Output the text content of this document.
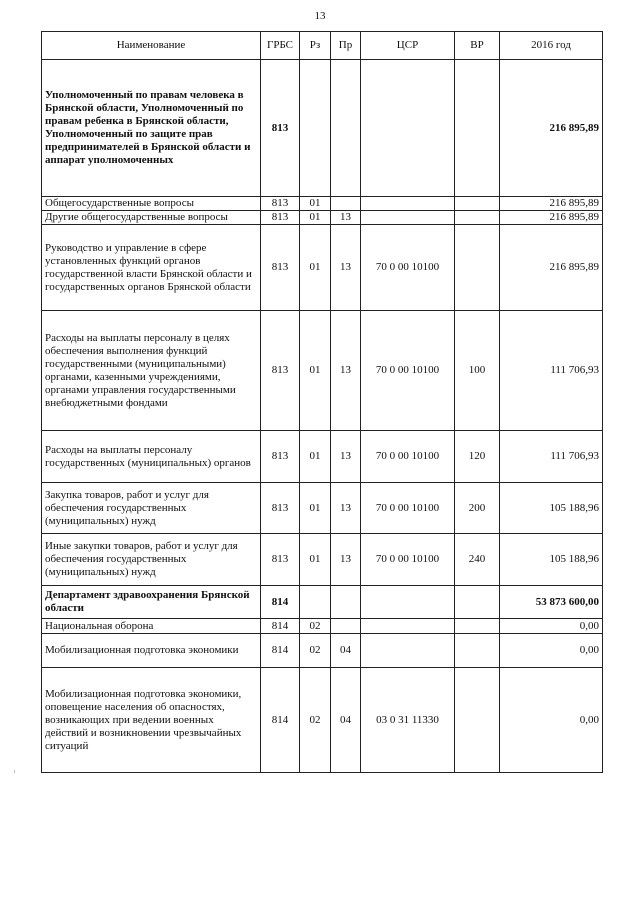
13
Наименование	ГРБС	Рз	Пр	ЦСР	ВР	2016 год
Уполномоченный по правам человека в Брянской области, Уполномоченный по правам ребенка в Брянской области, Уполномоченный по защите прав предпринимателей в Брянской области и аппарат уполномоченных	813					216 895,89
Общегосударственные вопросы	813	01				216 895,89
Другие общегосударственные вопросы	813	01	13			216 895,89
Руководство и управление в сфере установленных функций органов государственной власти Брянской области и государственных органов Брянской области	813	01	13	70 0 00 10100		216 895,89
Расходы на выплаты персоналу в целях обеспечения выполнения функций государственными (муниципальными) органами, казенными учреждениями, органами управления государственными внебюджетными фондами	813	01	13	70 0 00 10100	100	111 706,93
Расходы на выплаты персоналу государственных (муниципальных) органов	813	01	13	70 0 00 10100	120	111 706,93
Закупка товаров, работ и услуг для обеспечения государственных (муниципальных) нужд	813	01	13	70 0 00 10100	200	105 188,96
Иные закупки товаров, работ и услуг для обеспечения государственных (муниципальных) нужд	813	01	13	70 0 00 10100	240	105 188,96
Департамент здравоохранения Брянской области	814					53 873 600,00
Национальная оборона	814	02				0,00
Мобилизационная подготовка экономики	814	02	04			0,00
Мобилизационная подготовка экономики, оповещение населения об опасностях, возникающих при ведении военных действий и возникновении чрезвычайных ситуаций	814	02	04	03 0 31 11330		0,00
